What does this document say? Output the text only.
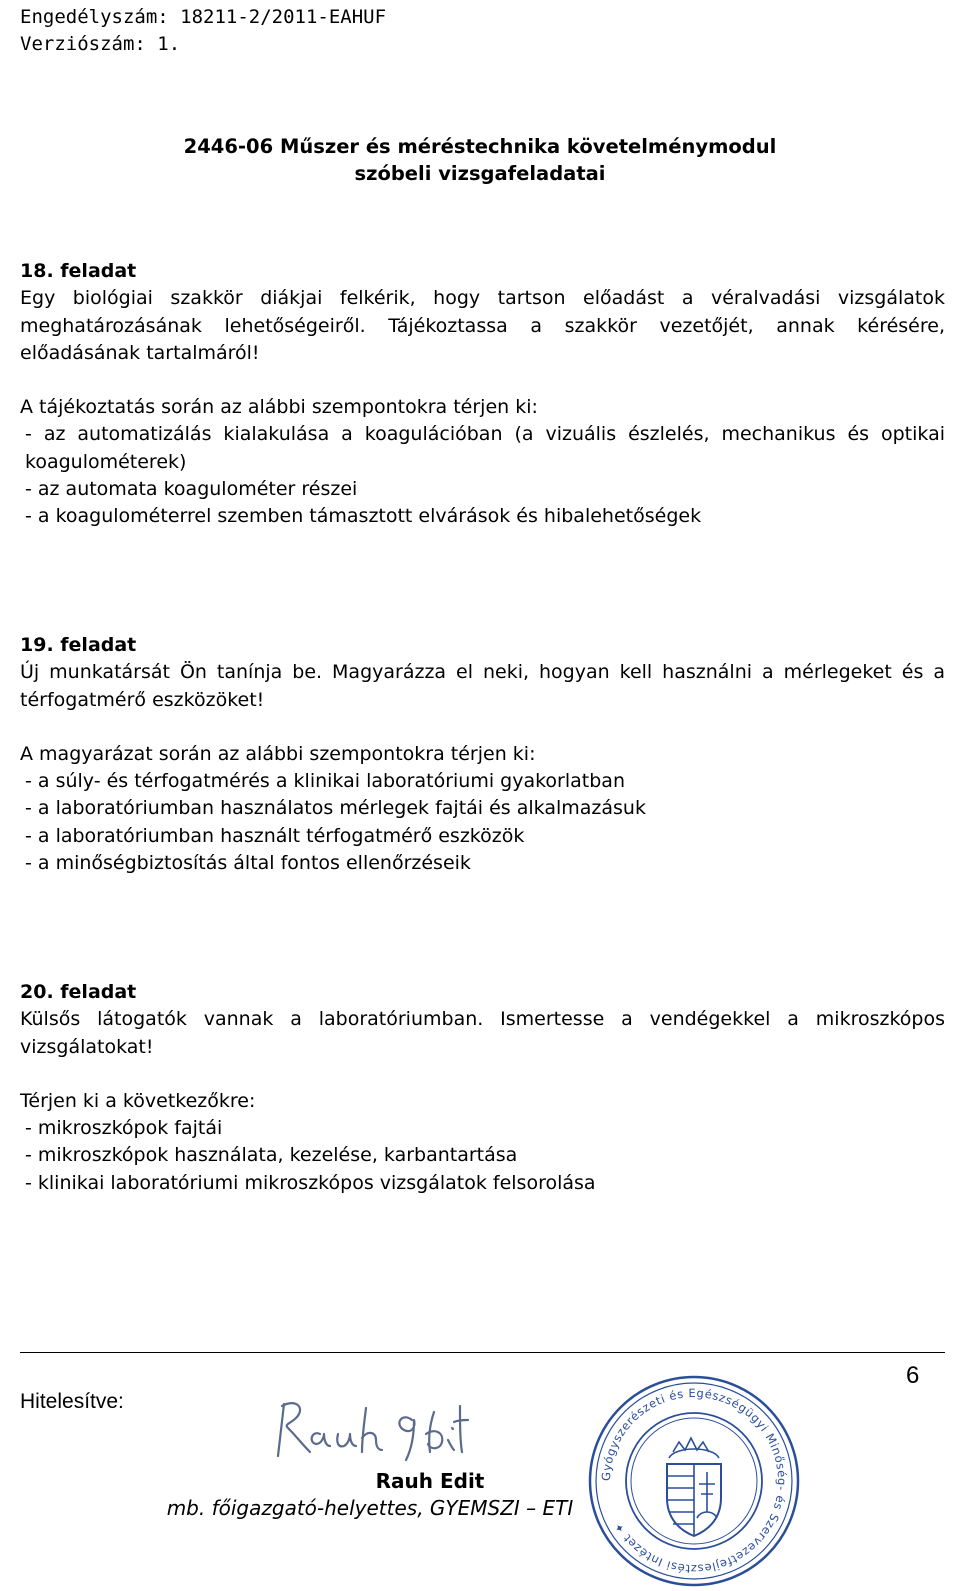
Engedélyszám: 18211-2/2011-EAHUF
Verziószám: 1.
2446-06 Műszer és méréstechnika követelménymodul
szóbeli vizsgafeladatai
18. feladat
Egy biológiai szakkör diákjai felkérik, hogy tartson előadást a véralvadási vizsgálatok meghatározásának lehetőségeiről. Tájékoztassa a szakkör vezetőjét, annak kérésére, előadásának tartalmáról!
A tájékoztatás során az alábbi szempontokra térjen ki:
- az automatizálás kialakulása a koagulációban (a vizuális észlelés, mechanikus és optikai koagulométerek)
- az automata koagulométer részei
- a koagulométerrel szemben támasztott elvárások és hibalehetőségek
19. feladat
Új munkatársát Ön tanínja be. Magyarázza el neki, hogyan kell használni a mérlegeket és a térfogatmérő eszközöket!
A magyarázat során az alábbi szempontokra térjen ki:
- a súly- és térfogatmérés a klinikai laboratóriumi gyakorlatban
- a laboratóriumban használatos mérlegek fajtái és alkalmazásuk
- a laboratóriumban használt térfogatmérő eszközök
- a minőségbiztosítás által fontos ellenőrzéseik
20. feladat
Külsős látogatók vannak a laboratóriumban. Ismertesse a vendégekkel a mikroszkópos vizsgálatokat!
Térjen ki a következőkre:
- mikroszkópok fajtái
- mikroszkópok használata, kezelése, karbantartása
- klinikai laboratóriumi mikroszkópos vizsgálatok felsorolása
Hitelesítve:
6
Rauh Edit
mb. főigazgató-helyettes, GYEMSZI – ETI
Gyógyszerészeti és Egészségügyi Minőség- és Szervezetfejlesztési Intézet ✦
